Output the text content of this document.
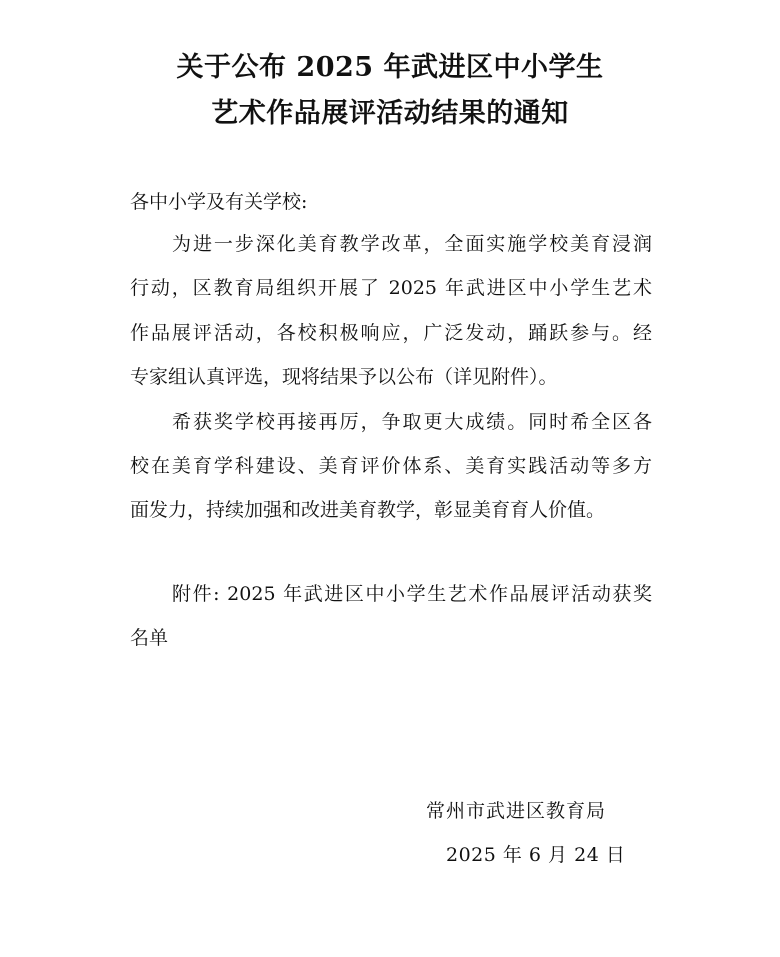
关于公布 2025 年武进区中小学生
艺术作品展评活动结果的通知
各中小学及有关学校:
为进一步深化美育教学改革，全面实施学校美育浸润
行动，区教育局组织开展了 2025 年武进区中小学生艺术
作品展评活动，各校积极响应，广泛发动，踊跃参与。经
专家组认真评选，现将结果予以公布（详见附件）。
希获奖学校再接再厉，争取更大成绩。同时希全区各
校在美育学科建设、美育评价体系、美育实践活动等多方
面发力，持续加强和改进美育教学，彰显美育育人价值。
附件: 2025 年武进区中小学生艺术作品展评活动获奖
名单
常州市武进区教育局
2025 年 6 月 24 日
